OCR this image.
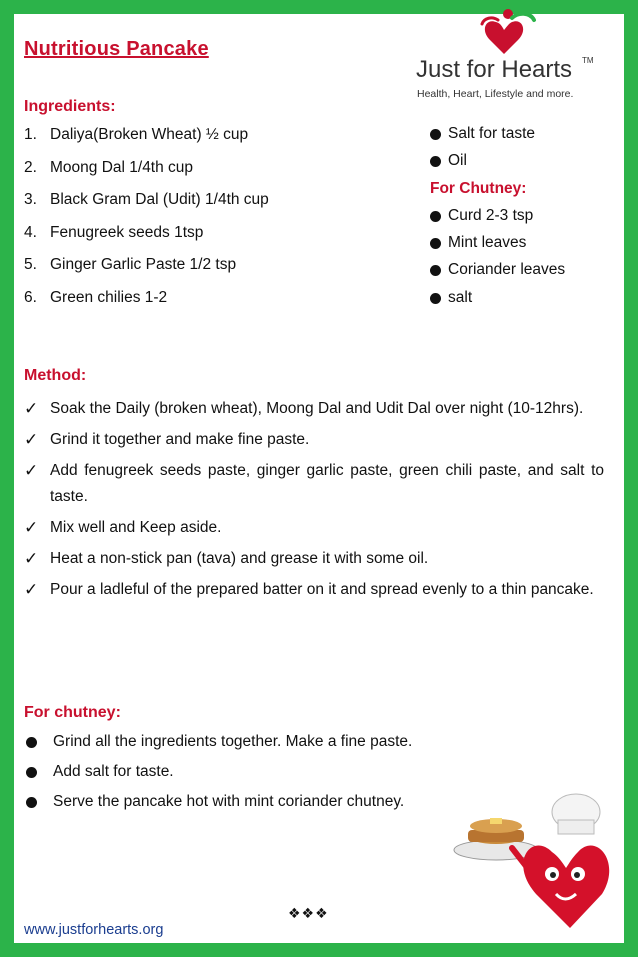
Just for Hearts TM
Health, Heart, Lifestyle and more.
Nutritious Pancake
Ingredients:
1. Daliya(Broken Wheat) ½ cup
2. Moong Dal 1/4th cup
3. Black Gram Dal (Udit) 1/4th cup
4. Fenugreek seeds 1tsp
5. Ginger Garlic Paste 1/2 tsp
6. Green chilies 1-2
Salt for taste
Oil
For Chutney:
Curd 2-3 tsp
Mint leaves
Coriander leaves
salt
Method:
✓ Soak the Daily (broken wheat), Moong Dal and Udit Dal over night (10-12hrs).
✓ Grind it together and make fine paste.
✓ Add fenugreek seeds paste, ginger garlic paste, green chili paste, and salt to taste.
✓ Mix well and Keep aside.
✓ Heat a non-stick pan (tava) and grease it with some oil.
✓ Pour a ladleful of the prepared batter on it and spread evenly to a thin pancake.
For chutney:
Grind all the ingredients together. Make a fine paste.
Add salt for taste.
Serve the pancake hot with mint coriander chutney.
❖❖❖
www.justforhearts.org
